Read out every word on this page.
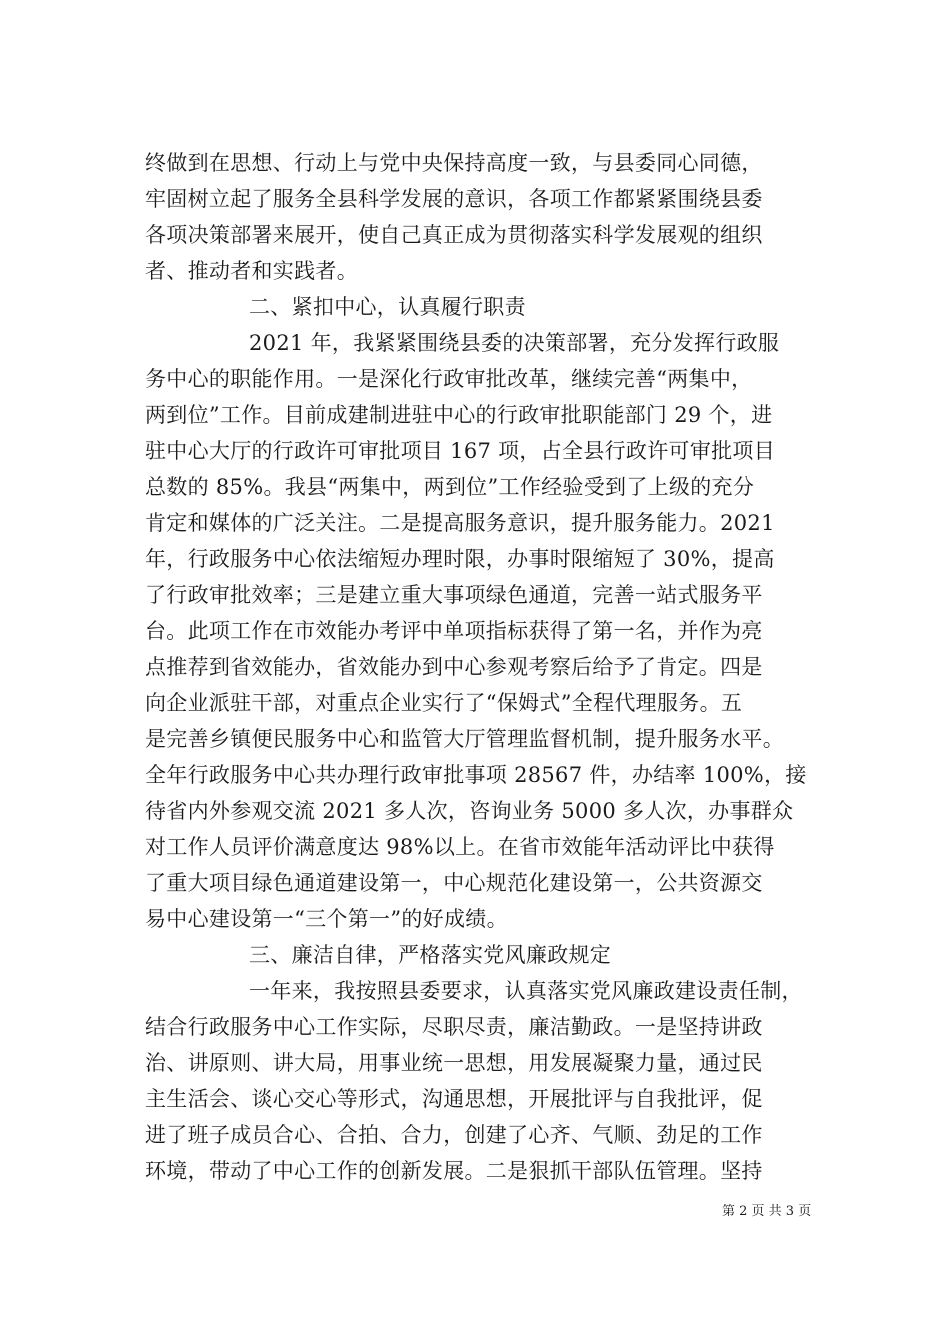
终做到在思想、行动上与党中央保持高度一致，与县委同心同德，
牢固树立起了服务全县科学发展的意识，各项工作都紧紧围绕县委
各项决策部署来展开，使自己真正成为贯彻落实科学发展观的组织
者、推动者和实践者。
二、紧扣中心，认真履行职责
2021 年，我紧紧围绕县委的决策部署，充分发挥行政服
务中心的职能作用。一是深化行政审批改革，继续完善“两集中，
两到位”工作。目前成建制进驻中心的行政审批职能部门 29 个，进
驻中心大厅的行政许可审批项目 167 项，占全县行政许可审批项目
总数的 85%。我县“两集中，两到位”工作经验受到了上级的充分
肯定和媒体的广泛关注。二是提高服务意识，提升服务能力。2021
年，行政服务中心依法缩短办理时限，办事时限缩短了 30%，提高
了行政审批效率；三是建立重大事项绿色通道，完善一站式服务平
台。此项工作在市效能办考评中单项指标获得了第一名，并作为亮
点推荐到省效能办，省效能办到中心参观考察后给予了肯定。四是
向企业派驻干部，对重点企业实行了“保姆式”全程代理服务。五
是完善乡镇便民服务中心和监管大厅管理监督机制，提升服务水平。
全年行政服务中心共办理行政审批事项 28567 件，办结率 100%，接
待省内外参观交流 2021 多人次，咨询业务 5000 多人次，办事群众
对工作人员评价满意度达 98%以上。在省市效能年活动评比中获得
了重大项目绿色通道建设第一，中心规范化建设第一，公共资源交
易中心建设第一“三个第一”的好成绩。
三、廉洁自律，严格落实党风廉政规定
一年来，我按照县委要求，认真落实党风廉政建设责任制，
结合行政服务中心工作实际，尽职尽责，廉洁勤政。一是坚持讲政
治、讲原则、讲大局，用事业统一思想，用发展凝聚力量，通过民
主生活会、谈心交心等形式，沟通思想，开展批评与自我批评，促
进了班子成员合心、合拍、合力，创建了心齐、气顺、劲足的工作
环境，带动了中心工作的创新发展。二是狠抓干部队伍管理。坚持
第 2 页 共 3 页
